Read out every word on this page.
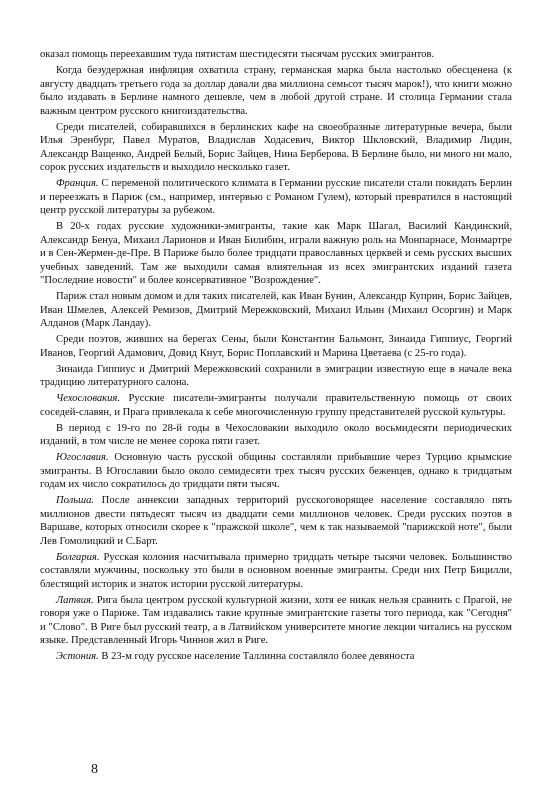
оказал помощь переехавшим туда пятистам шестидесяти тысячам русских эмигрантов.

Когда безудержная инфляция охватила страну, германская марка была настолько обесценена (к августу двадцать третьего года за доллар давали два миллиона семьсот тысяч марок!), что книги можно было издавать в Берлине намного дешевле, чем в любой другой стране. И столица Германии стала важным центром русского книгоиздательства.

Среди писателей, собиравшихся в берлинских кафе на своеобразные литературные вечера, были Илья Эренбург, Павел Муратов, Владислав Ходасевич, Виктор Шкловский, Владимир Лидин, Александр Ващенко, Андрей Белый, Борис Зайцев, Нина Берберова. В Берлине было, ни много ни мало, сорок русских издательств и выходило несколько газет.

Франция. С переменой политического климата в Германии русские писатели стали покидать Берлин и переезжать в Париж (см., например, интервью с Романом Гулем), который превратился в настоящий центр русской литературы за рубежом.

В 20-х годах русские художники-эмигранты, такие как Марк Шагал, Василий Кандинский, Александр Бенуа, Михаил Ларионов и Иван Билибин, играли важную роль на Монпарнасе, Монмартре и в Сен-Жермен-де-Пре. В Париже было более тридцати православных церквей и семь русских высших учебных заведений. Там же выходили самая влиятельная из всех эмигрантских изданий газета "Последние новости" и более консервативное "Возрождение".

Париж стал новым домом и для таких писателей, как Иван Бунин, Александр Куприн, Борис Зайцев, Иван Шмелев, Алексей Ремизов, Дмитрий Мережковский, Михаил Ильин (Михаил Осоргин) и Марк Алданов (Марк Ландау).

Среди поэтов, живших на берегах Сены, были Константин Бальмонт, Зинаида Гиппиус, Георгий Иванов, Георгий Адамович, Довид Кнут, Борис Поплавский и Марина Цветаева (с 25-го года).

Зинаида Гиппиус и Дмитрий Мережковский сохранили в эмиграции известную еще в начале века традицию литературного салона.

Чехословакия. Русские писатели-эмигранты получали правительственную помощь от своих соседей-славян, и Прага привлекала к себе многочисленную группу представителей русской культуры.

В период с 19-го по 28-й годы в Чехословакии выходило около восьмидесяти периодических изданий, в том числе не менее сорока пяти газет.

Югославия. Основную часть русской общины составляли прибывшие через Турцию крымские эмигранты. В Югославии было около семидесяти трех тысяч русских беженцев, однако к тридцатым годам их число сократилось до тридцати пяти тысяч.

Польша. После аннексии западных территорий русскоговорящее население составляло пять миллионов двести пятьдесят тысяч из двадцати семи миллионов человек. Среди русских поэтов в Варшаве, которых относили скорее к "пражской школе", чем к так называемой "парижской ноте", были Лев Гомолицкий и С.Барт.

Болгария. Русская колония насчитывала примерно тридцать четыре тысячи человек. Большинство составляли мужчины, поскольку это были в основном военные эмигранты. Среди них Петр Бицилли, блестящий историк и знаток истории русской литературы.

Латвия. Рига была центром русской культурной жизни, хотя ее никак нельзя сравнить с Прагой, не говоря уже о Париже. Там издавались такие крупные эмигрантские газеты того периода, как "Сегодня" и "Слово". В Риге был русский театр, а в Латвийском университете многие лекции читались на русском языке. Представленный Игорь Чиннов жил в Риге.

Эстония. В 23-м году русское население Таллинна составляло более девяноста

8
